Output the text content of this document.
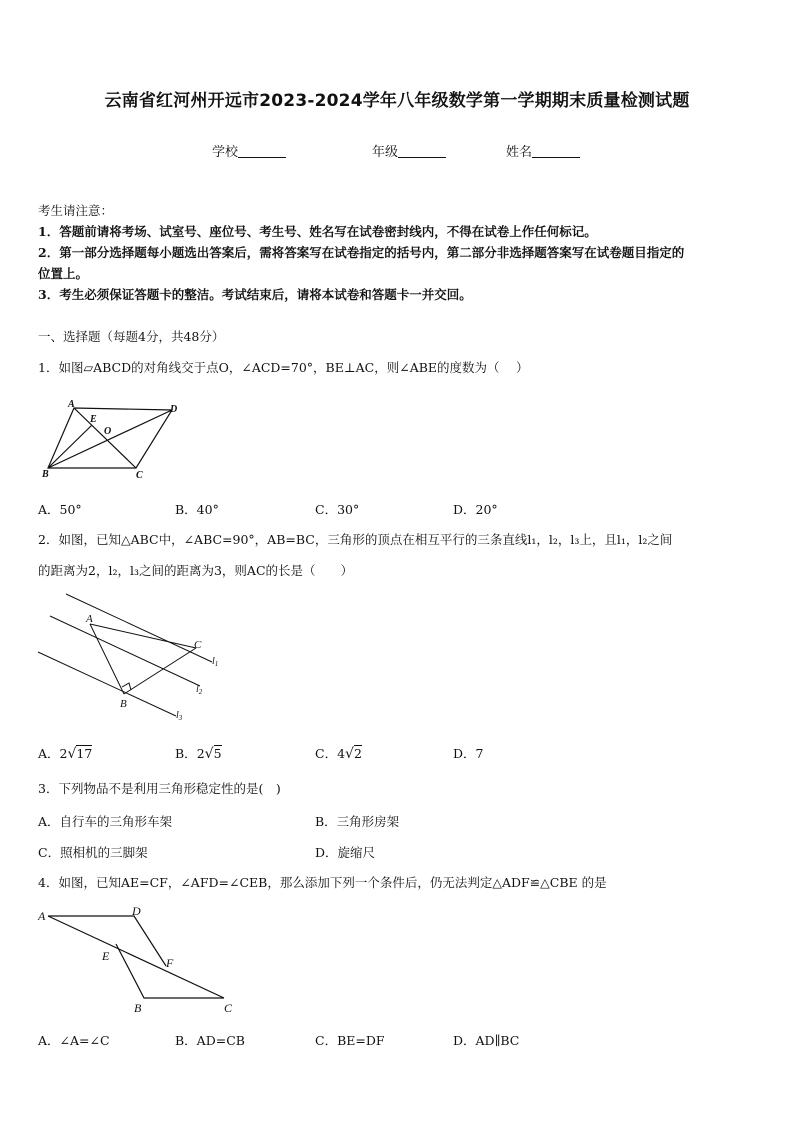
云南省红河州开远市2023-2024学年八年级数学第一学期期末质量检测试题
学校	年级	姓名
考生请注意：
1．答题前请将考场、试室号、座位号、考生号、姓名写在试卷密封线内，不得在试卷上作任何标记。
2．第一部分选择题每小题选出答案后，需将答案写在试卷指定的括号内，第二部分非选择题答案写在试卷题目指定的
位置上。
3．考生必须保证答题卡的整洁。考试结束后，请将本试卷和答题卡一并交回。
一、选择题（每题4分，共48分）
1．如图▱ABCD的对角线交于点O，∠ACD=70°，BE⊥AC，则∠ABE的度数为（　 ）
A	D
E
O
B	C
A．50°	B．40°	C．30°	D．20°
2．如图，已知△ABC中，∠ABC=90°，AB=BC，三角形的顶点在相互平行的三条直线l₁，l₂，l₃上，且l₁，l₂之间
的距离为2，l₂，l₃之间的距离为3，则AC的长是（　　）
A
C
B
$l_1$
$l_2$
$l_3$
A．2√17	B．2√5	C．4√2	D．7
3．下列物品不是利用三角形稳定性的是(　)
A．自行车的三角形车架	B．三角形房架
C．照相机的三脚架	D．旋缩尺
4．如图，已知AE=CF，∠AFD=∠CEB，那么添加下列一个条件后，仍无法判定△ADF≌△CBE 的是
A	D
E	F
B	C
A．∠A=∠C	B．AD=CB	C．BE=DF	D．AD∥BC
